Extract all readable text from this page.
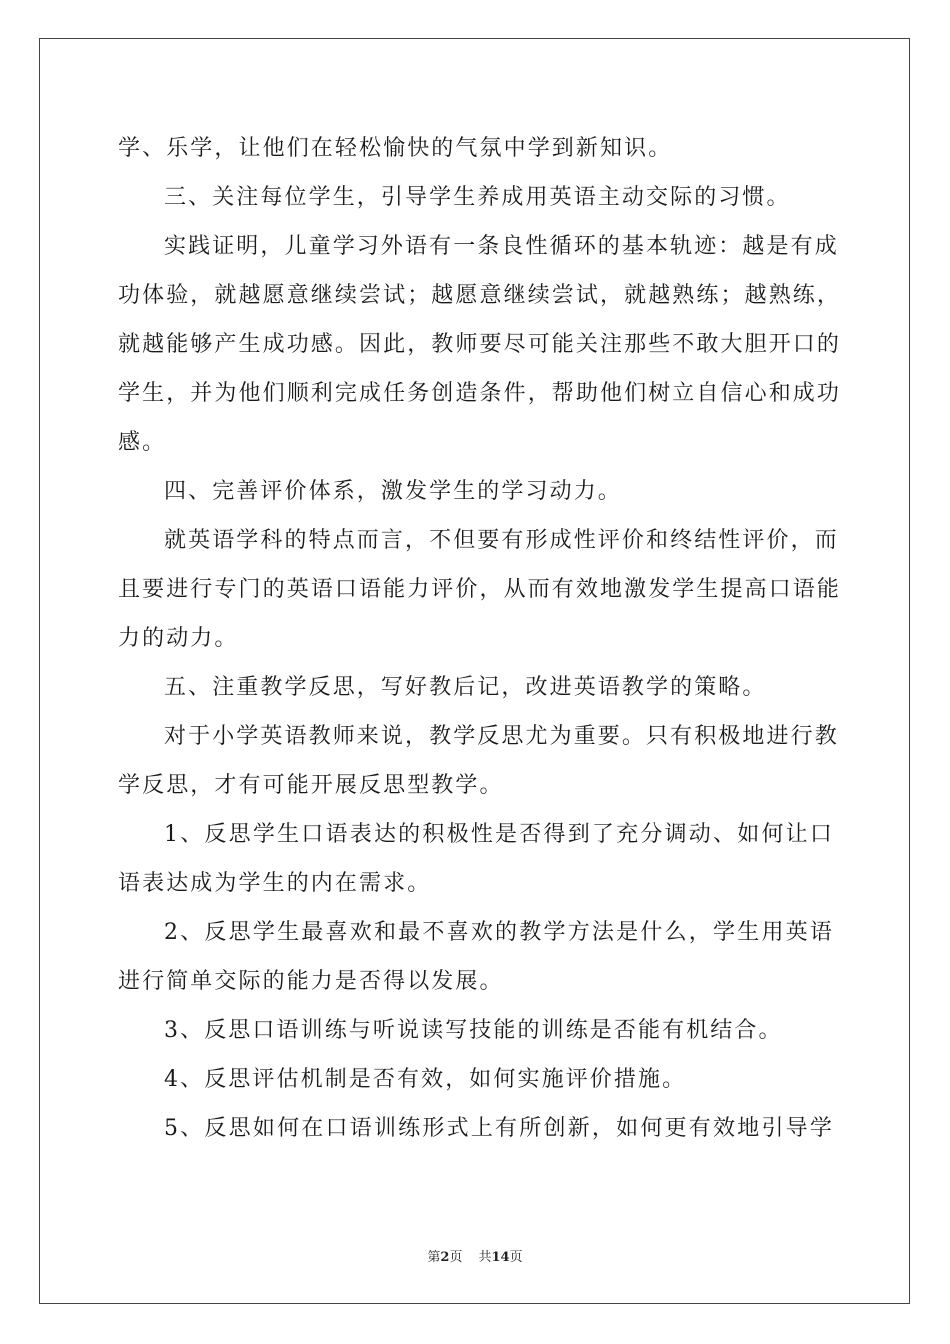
学、乐学，让他们在轻松愉快的气氛中学到新知识。
三、关注每位学生，引导学生养成用英语主动交际的习惯。
实践证明，儿童学习外语有一条良性循环的基本轨迹：越是有成
功体验，就越愿意继续尝试；越愿意继续尝试，就越熟练；越熟练，
就越能够产生成功感。因此，教师要尽可能关注那些不敢大胆开口的
学生，并为他们顺利完成任务创造条件，帮助他们树立自信心和成功
感。
四、完善评价体系，激发学生的学习动力。
就英语学科的特点而言，不但要有形成性评价和终结性评价，而
且要进行专门的英语口语能力评价，从而有效地激发学生提高口语能
力的动力。
五、注重教学反思，写好教后记，改进英语教学的策略。
对于小学英语教师来说，教学反思尤为重要。只有积极地进行教
学反思，才有可能开展反思型教学。
1、反思学生口语表达的积极性是否得到了充分调动、如何让口
语表达成为学生的内在需求。
2、反思学生最喜欢和最不喜欢的教学方法是什么，学生用英语
进行简单交际的能力是否得以发展。
3、反思口语训练与听说读写技能的训练是否能有机结合。
4、反思评估机制是否有效，如何实施评价措施。
5、反思如何在口语训练形式上有所创新，如何更有效地引导学
第2页 共14页
